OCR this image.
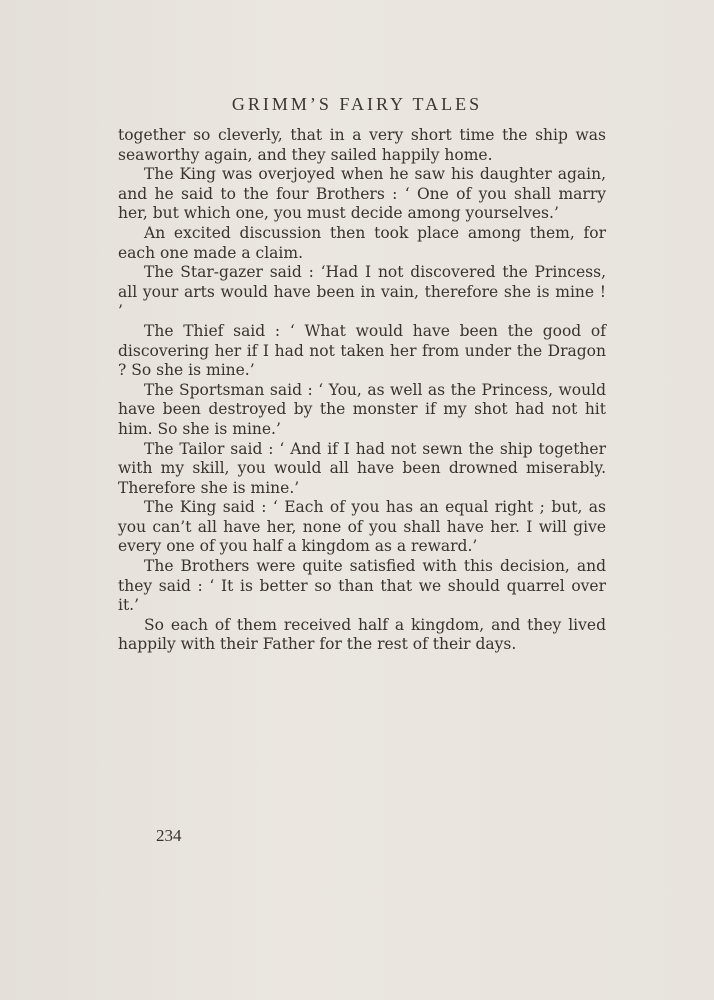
GRIMM’S FAIRY TALES

together so cleverly, that in a very short time the ship was seaworthy again, and they sailed happily home.

The King was overjoyed when he saw his daughter again, and he said to the four Brothers : ‘ One of you shall marry her, but which one, you must decide among yourselves.’

An excited discussion then took place among them, for each one made a claim.

The Star-gazer said : ‘Had I not discovered the Princess, all your arts would have been in vain, therefore she is mine ! ’

The Thief said : ‘ What would have been the good of discovering her if I had not taken her from under the Dragon ? So she is mine.’

The Sportsman said : ‘ You, as well as the Princess, would have been destroyed by the monster if my shot had not hit him. So she is mine.’

The Tailor said : ‘ And if I had not sewn the ship together with my skill, you would all have been drowned miserably. Therefore she is mine.’

The King said : ‘ Each of you has an equal right ; but, as you can’t all have her, none of you shall have her. I will give every one of you half a kingdom as a reward.’

The Brothers were quite satisfied with this decision, and they said : ‘ It is better so than that we should quarrel over it.’

So each of them received half a kingdom, and they lived happily with their Father for the rest of their days.

234
